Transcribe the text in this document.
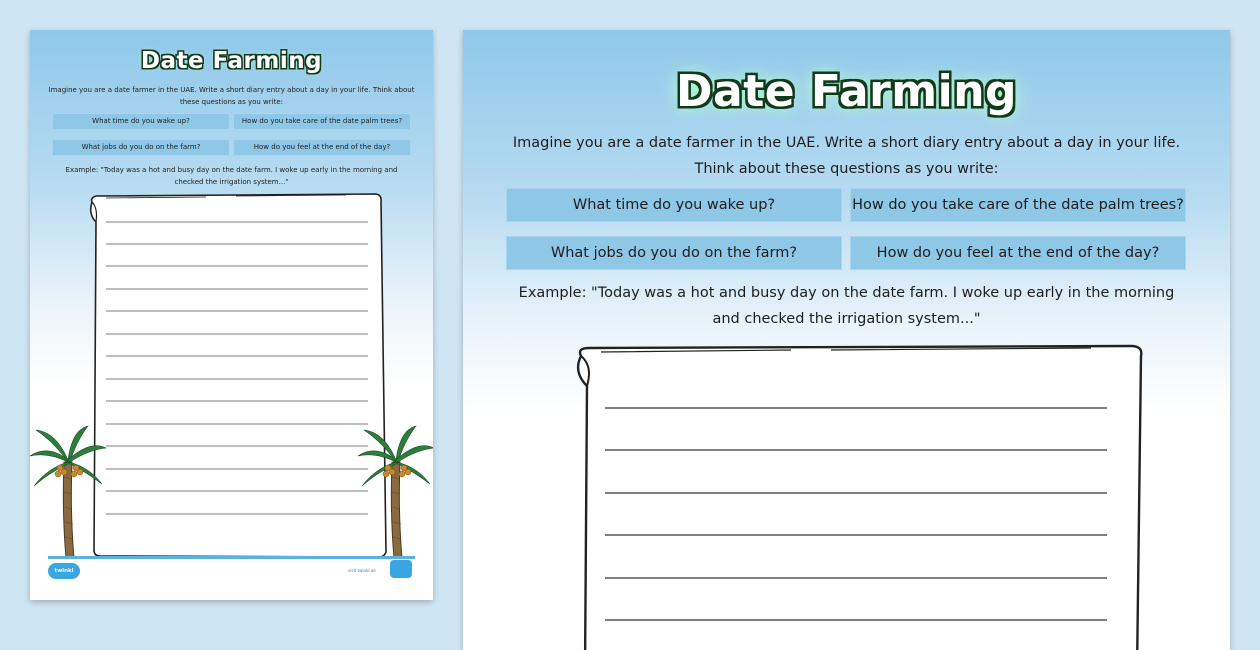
Date Farming
Imagine you are a date farmer in the UAE. Write a short diary entry about a day in your life. Think about these questions as you write:
What time do you wake up?	How do you take care of the date palm trees?
What jobs do you do on the farm?	How do you feel at the end of the day?
Example: "Today was a hot and busy day on the date farm. I woke up early in the morning and checked the irrigation system..."
twinkl	visit twinkl.ae
Date Farming
Imagine you are a date farmer in the UAE. Write a short diary entry about a day in your life. Think about these questions as you write:
What time do you wake up?	How do you take care of the date palm trees?
What jobs do you do on the farm?	How do you feel at the end of the day?
Example: "Today was a hot and busy day on the date farm. I woke up early in the morning and checked the irrigation system..."
